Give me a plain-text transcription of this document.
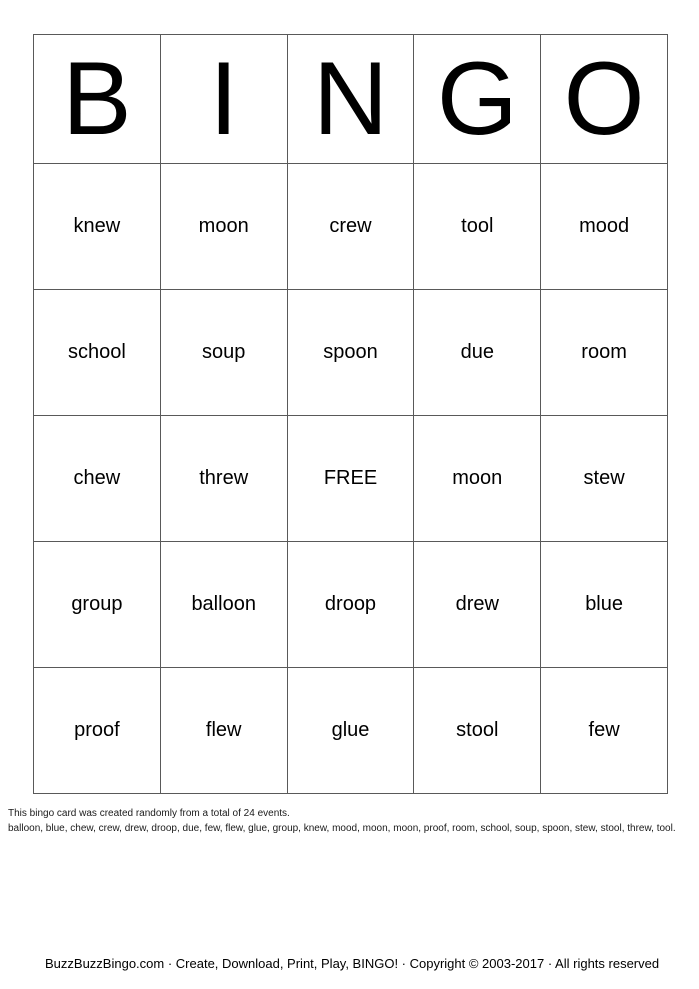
B	I	N	G	O
knew	moon	crew	tool	mood
school	soup	spoon	due	room
chew	threw	FREE	moon	stew
group	balloon	droop	drew	blue
proof	flew	glue	stool	few
This bingo card was created randomly from a total of 24 events.
balloon, blue, chew, crew, drew, droop, due, few, flew, glue, group, knew, mood, moon, moon, proof, room, school, soup, spoon, stew, stool, threw, tool.
BuzzBuzzBingo.com · Create, Download, Print, Play, BINGO! · Copyright © 2003-2017 · All rights reserved
